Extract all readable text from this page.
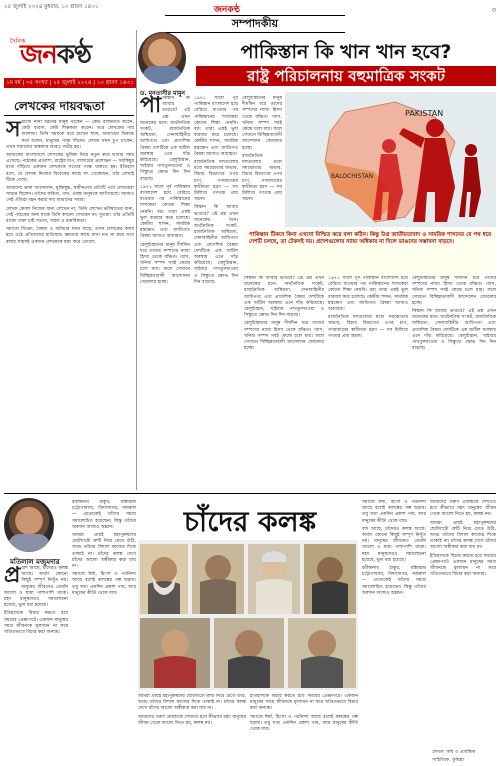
২৫ জুলাই ২০২৪ বুধবার, ১০ শ্রাবণ ১৪৩১	জনকণ্ঠ	৩
সম্পাদকীয়
দৈনিক
জনকণ্ঠ
১ম বর্ষ | ৩৫ সংখ্যা | ২৫ জুলাই ২০২৪ | ১০ শ্রাবণ ১৪৩১
লেখকের দায়বদ্ধতা

সমাজে নানা ধরনের মানুষ থাকেন — কেউ রাজনীতি করেন, কেউ ব্যবসা, কেউ শিক্ষকতা করেন। তবে লেখকের দায় আলাদা। তিনি সময়কে ধরে রাখেন শব্দে, অন্যায়ের বিরুদ্ধে কথা বলেন, মানুষের পক্ষে দাঁড়ান। লেখক যখন চুপ থাকেন, তখন সমাজের অন্ধকার আরও গভীর হয়।

আজকের বাংলাদেশে লেখকের ভূমিকা নিয়ে নতুন করে ভাবার সময় এসেছে। পাঠকের প্রত্যাশা, রাষ্ট্রের চাপ, বাজারের প্রলোভন — সবকিছুর মধ্যে দাঁড়িয়ে একজন লেখককে সত্যের পক্ষে থাকতে হয়। ইতিহাস বলে, যে লেখক নিজের বিবেকের কাছে সৎ থেকেছেন, তাঁর লেখাই টিকে গেছে।

আমাদের ভাষা আন্দোলন, মুক্তিযুদ্ধ, স্বাধীনতার প্রতিটি পর্বে লেখকেরা সামনে ছিলেন। তাঁদের কবিতা, গান, প্রবন্ধ মানুষকে জাগিয়েছে। আজও সেই ঐতিহ্য বহন করার দায় আমাদের সবার।

লেখক কেবল নিজের জন্য লেখেন না; তিনি লেখেন ভবিষ্যতের জন্য, সেই পাঠকের জন্য যাকে তিনি কখনো দেখবেন না। সুতরাং তাঁর প্রতিটি বাক্যে থাকা চাই সততা, সাহস ও মানবিকতা।

সমাজে বিভেদ, বৈষম্য ও অবিচার যখন বাড়ে, তখন লেখকের কলম হয়ে ওঠে প্রতিবাদের হাতিয়ার। ক্ষমতার কাছে মাথা নত না করে সত্য বলার সাহসই একজন লেখককে মহৎ করে তোলে।

ড. মুনতাসীর মামুন
পাকিস্তান কি খান খান হবে?
রাষ্ট্র পরিচালনায় বহুমাত্রিক সংকট
PAKISTAN
BALOCHISTAN

পাকিস্তান কি আবার ভাঙবে? এই প্রশ্ন এখন অনেকের মনে। অর্থনৈতিক সংকট, রাজনৈতিক অস্থিরতা, সেনাবাহিনীর আধিপত্য এবং প্রাদেশিক বৈষম্য দেশটিকে এক জটিল অবস্থায় এনে দাঁড় করিয়েছে। বেলুচিস্তান, খাইবার পাখতুনখাওয়া ও সিন্ধুতে ক্ষোভ দিন দিন বাড়ছে।

১৯৭১ সালে পূর্ব পাকিস্তান বাংলাদেশ হয়ে বেরিয়ে যাওয়ার পর পাকিস্তানের শাসকেরা কোনো শিক্ষা নেয়নি। বরং তারা একই ভুল বারবার করে চলেছে। কেন্দ্রীয় শাসন, সামরিক হস্তক্ষেপ এবং জাতিগত বৈষম্য আজও অব্যাহত।

বেলুচিস্তানের মানুষ দীর্ঘদিন ধরে তাদের সম্পদের ন্যায্য হিস্যা থেকে বঞ্চিত। গ্যাস, খনিজ সম্পদ সবই কেন্দ্রে চলে যায়। ফলে সেখানে বিচ্ছিন্নতাবাদী আন্দোলন জোরদার হচ্ছে।

১৯৭১ সালে পূর্ব পাকিস্তান বাংলাদেশ হয়ে বেরিয়ে যাওয়ার পর পাকিস্তানের শাসকেরা কোনো শিক্ষা নেয়নি। বরং তারা একই ভুল বারবার করে চলেছে। কেন্দ্রীয় শাসন, সামরিক হস্তক্ষেপ এবং জাতিগত বৈষম্য আজও অব্যাহত।

রাজনৈতিক দলগুলোর মধ্যে সমঝোতার অভাব, বিচার বিভাগের ওপর চাপ, গণমাধ্যমের স্বাধীনতা হরণ — সব মিলিয়ে গণতন্ত্র প্রায় অচল।

কিস্তান কি আবার ভাঙবে? এই প্রশ্ন এখন অনেকের মনে। অর্থনৈতিক সংকট, রাজনৈতিক অস্থিরতা, সেনাবাহিনীর আধিপত্য এবং প্রাদেশিক বৈষম্য দেশটিকে এক জটিল অবস্থায় এনে দাঁড় করিয়েছে। বেলুচিস্তান, খাইবার পাখতুনখাওয়া ও সিন্ধুতে ক্ষোভ দিন দিন বাড়ছে।

বেলুচিস্তানের মানুষ দীর্ঘদিন ধরে তাদের সম্পদের ন্যায্য হিস্যা থেকে বঞ্চিত। গ্যাস, খনিজ সম্পদ সবই কেন্দ্রে চলে যায়। ফলে সেখানে বিচ্ছিন্নতাবাদী আন্দোলন জোরদার হচ্ছে।

রাজনৈতিক দলগুলোর মধ্যে সমঝোতার অভাব, বিচার বিভাগের ওপর চাপ, গণমাধ্যমের স্বাধীনতা হরণ — সব মিলিয়ে গণতন্ত্র প্রায় অচল।

পাকিস্তান টিকবে কিনা এখনো নিশ্চিত করে বলা কঠিন। কিন্তু উগ্র জাতীয়তাবাদ ও সামরিক শাসনের যে পথ ধরে দেশটি চলছে, তা টেকসই নয়। প্রদেশগুলোর ন্যায্য অধিকার না দিলে ভাঙনের সম্ভাবনা বাড়বে।

কিস্তান কি আবার ভাঙবে? এই প্রশ্ন এখন অনেকের মনে। অর্থনৈতিক সংকট, রাজনৈতিক অস্থিরতা, সেনাবাহিনীর আধিপত্য এবং প্রাদেশিক বৈষম্য দেশটিকে এক জটিল অবস্থায় এনে দাঁড় করিয়েছে। বেলুচিস্তান, খাইবার পাখতুনখাওয়া ও সিন্ধুতে ক্ষোভ দিন দিন বাড়ছে।

বেলুচিস্তানের মানুষ দীর্ঘদিন ধরে তাদের সম্পদের ন্যায্য হিস্যা থেকে বঞ্চিত। গ্যাস, খনিজ সম্পদ সবই কেন্দ্রে চলে যায়। ফলে সেখানে বিচ্ছিন্নতাবাদী আন্দোলন জোরদার হচ্ছে।

১৯৭১ সালে পূর্ব পাকিস্তান বাংলাদেশ হয়ে বেরিয়ে যাওয়ার পর পাকিস্তানের শাসকেরা কোনো শিক্ষা নেয়নি। বরং তারা একই ভুল বারবার করে চলেছে। কেন্দ্রীয় শাসন, সামরিক হস্তক্ষেপ এবং জাতিগত বৈষম্য আজও অব্যাহত।

রাজনৈতিক দলগুলোর মধ্যে সমঝোতার অভাব, বিচার বিভাগের ওপর চাপ, গণমাধ্যমের স্বাধীনতা হরণ — সব মিলিয়ে গণতন্ত্র প্রায় অচল।

বেলুচিস্তানের মানুষ দীর্ঘদিন ধরে তাদের সম্পদের ন্যায্য হিস্যা থেকে বঞ্চিত। গ্যাস, খনিজ সম্পদ সবই কেন্দ্রে চলে যায়। ফলে সেখানে বিচ্ছিন্নতাবাদী আন্দোলন জোরদার হচ্ছে।

কিস্তান কি আবার ভাঙবে? এই প্রশ্ন এখন অনেকের মনে। অর্থনৈতিক সংকট, রাজনৈতিক অস্থিরতা, সেনাবাহিনীর আধিপত্য এবং প্রাদেশিক বৈষম্য দেশটিকে এক জটিল অবস্থায় এনে দাঁড় করিয়েছে। বেলুচিস্তান, খাইবার পাখতুনখাওয়া ও সিন্ধুতে ক্ষোভ দিন দিন বাড়ছে।

মতিলাল মজুমদার

প্র বাদ আছে, চাঁদেরও কলঙ্ক আছে। অর্থাৎ কোনো কিছুই সম্পূর্ণ নিখুঁত নয়। মানুষের জীবনেও তেমনি আলো ও ছায়া পাশাপাশি থাকে। মহৎ মানুষদেরও সমালোচনা হয়েছে, ভুল ধরা হয়েছে।

ইতিহাসকে বিচার করতে হবে সময়ের প্রেক্ষাপটে। একজন মানুষের সমগ্র জীবনকে মূল্যায়ন না করে খণ্ডিতভাবে বিচার করা অন্যায়।

রবীন্দ্রনাথ ঠাকুর, বঙ্কিমচন্দ্র চট্টোপাধ্যায়, বিদ্যাসাগর, নজরুল — প্রত্যেকেই তাঁদের সময়ে সমালোচিত হয়েছেন। কিন্তু তাঁদের অবদান আজও অম্লান।

আমরা প্রায়ই মহাপুরুষদের ছোটখাটো ত্রুটি নিয়ে মেতে উঠি, অথচ তাঁদের বিশাল কাজের দিকে তাকাই না। চাঁদের কলঙ্ক দেখে চাঁদের আলো অস্বীকার করা যায় না।

সমাজে ঈর্ষা, হিংসা ও পরনিন্দা আছে বলেই কলঙ্কের গল্প ছড়ায়। তবু সত্য একদিন প্রকাশ পায়, আর মানুষের কীর্তি থেকে যায়।

চাঁদের কলঙ্ক

আমরা প্রায়ই মহাপুরুষদের ছোটখাটো ত্রুটি নিয়ে মেতে উঠি, অথচ তাঁদের বিশাল কাজের দিকে তাকাই না। চাঁদের কলঙ্ক দেখে চাঁদের আলো অস্বীকার করা যায় না।

আমাদের তরুণ প্রজন্মকে শেখাতে হবে কীভাবে মহৎ মানুষের জীবন থেকে আলো নিতে হয়, কলঙ্ক নয়।

ইতিহাসকে বিচার করতে হবে সময়ের প্রেক্ষাপটে। একজন মানুষের সমগ্র জীবনকে মূল্যায়ন না করে খণ্ডিতভাবে বিচার করা অন্যায়।

সমাজে ঈর্ষা, হিংসা ও পরনিন্দা আছে বলেই কলঙ্কের গল্প ছড়ায়। তবু সত্য একদিন প্রকাশ পায়, আর মানুষের কীর্তি থেকে যায়।

সমাজে ঈর্ষা, হিংসা ও পরনিন্দা আছে বলেই কলঙ্কের গল্প ছড়ায়। তবু সত্য একদিন প্রকাশ পায়, আর মানুষের কীর্তি থেকে যায়।

বাদ আছে, চাঁদেরও কলঙ্ক আছে। অর্থাৎ কোনো কিছুই সম্পূর্ণ নিখুঁত নয়। মানুষের জীবনেও তেমনি আলো ও ছায়া পাশাপাশি থাকে। মহৎ মানুষদেরও সমালোচনা হয়েছে, ভুল ধরা হয়েছে।

রবীন্দ্রনাথ ঠাকুর, বঙ্কিমচন্দ্র চট্টোপাধ্যায়, বিদ্যাসাগর, নজরুল — প্রত্যেকেই তাঁদের সময়ে সমালোচিত হয়েছেন। কিন্তু তাঁদের অবদান আজও অম্লান।

আমাদের তরুণ প্রজন্মকে শেখাতে হবে কীভাবে মহৎ মানুষের জীবন থেকে আলো নিতে হয়, কলঙ্ক নয়।

আমরা প্রায়ই মহাপুরুষদের ছোটখাটো ত্রুটি নিয়ে মেতে উঠি, অথচ তাঁদের বিশাল কাজের দিকে তাকাই না। চাঁদের কলঙ্ক দেখে চাঁদের আলো অস্বীকার করা যায় না।

ইতিহাসকে বিচার করতে হবে সময়ের প্রেক্ষাপটে। একজন মানুষের সমগ্র জীবনকে মূল্যায়ন না করে খণ্ডিতভাবে বিচার করা অন্যায়।

লেখক: কবি ও প্রাবন্ধিক
সাহিত্যিক, কুমিল্লা
